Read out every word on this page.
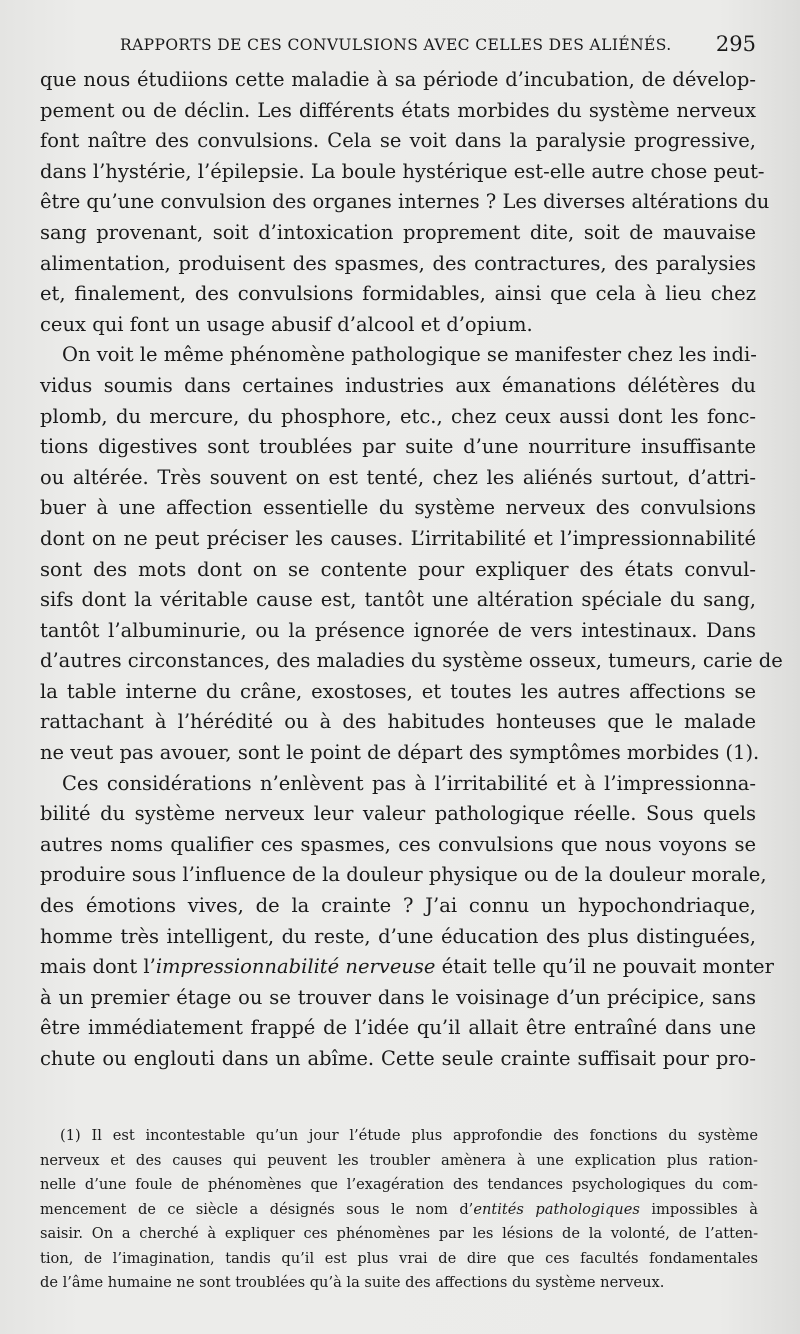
RAPPORTS DE CES CONVULSIONS AVEC CELLES DES ALIÉNÉS. 295
que nous étudiions cette maladie à sa période d’incubation, de dévelop-
pement ou de déclin. Les différents états morbides du système nerveux
font naître des convulsions. Cela se voit dans la paralysie progressive,
dans l’hystérie, l’épilepsie. La boule hystérique est-elle autre chose peut-
être qu’une convulsion des organes internes ? Les diverses altérations du
sang provenant, soit d’intoxication proprement dite, soit de mauvaise
alimentation, produisent des spasmes, des contractures, des paralysies
et, finalement, des convulsions formidables, ainsi que cela à lieu chez
ceux qui font un usage abusif d’alcool et d’opium.
On voit le même phénomène pathologique se manifester chez les indi-
vidus soumis dans certaines industries aux émanations délétères du
plomb, du mercure, du phosphore, etc., chez ceux aussi dont les fonc-
tions digestives sont troublées par suite d’une nourriture insuffisante
ou altérée. Très souvent on est tenté, chez les aliénés surtout, d’attri-
buer à une affection essentielle du système nerveux des convulsions
dont on ne peut préciser les causes. L’irritabilité et l’impressionnabilité
sont des mots dont on se contente pour expliquer des états convul-
sifs dont la véritable cause est, tantôt une altération spéciale du sang,
tantôt l’albuminurie, ou la présence ignorée de vers intestinaux. Dans
d’autres circonstances, des maladies du système osseux, tumeurs, carie de
la table interne du crâne, exostoses, et toutes les autres affections se
rattachant à l’hérédité ou à des habitudes honteuses que le malade
ne veut pas avouer, sont le point de départ des symptômes morbides (1).
Ces considérations n’enlèvent pas à l’irritabilité et à l’impressionna-
bilité du système nerveux leur valeur pathologique réelle. Sous quels
autres noms qualifier ces spasmes, ces convulsions que nous voyons se
produire sous l’influence de la douleur physique ou de la douleur morale,
des émotions vives, de la crainte ? J’ai connu un hypochondriaque,
homme très intelligent, du reste, d’une éducation des plus distinguées,
mais dont l’impressionnabilité nerveuse était telle qu’il ne pouvait monter
à un premier étage ou se trouver dans le voisinage d’un précipice, sans
être immédiatement frappé de l’idée qu’il allait être entraîné dans une
chute ou englouti dans un abîme. Cette seule crainte suffisait pour pro-
(1) Il est incontestable qu’un jour l’étude plus approfondie des fonctions du système
nerveux et des causes qui peuvent les troubler amènera à une explication plus ration-
nelle d’une foule de phénomènes que l’exagération des tendances psychologiques du com-
mencement de ce siècle a désignés sous le nom d’entités pathologiques impossibles à
saisir. On a cherché à expliquer ces phénomènes par les lésions de la volonté, de l’atten-
tion, de l’imagination, tandis qu’il est plus vrai de dire que ces facultés fondamentales
de l’âme humaine ne sont troublées qu’à la suite des affections du système nerveux.
